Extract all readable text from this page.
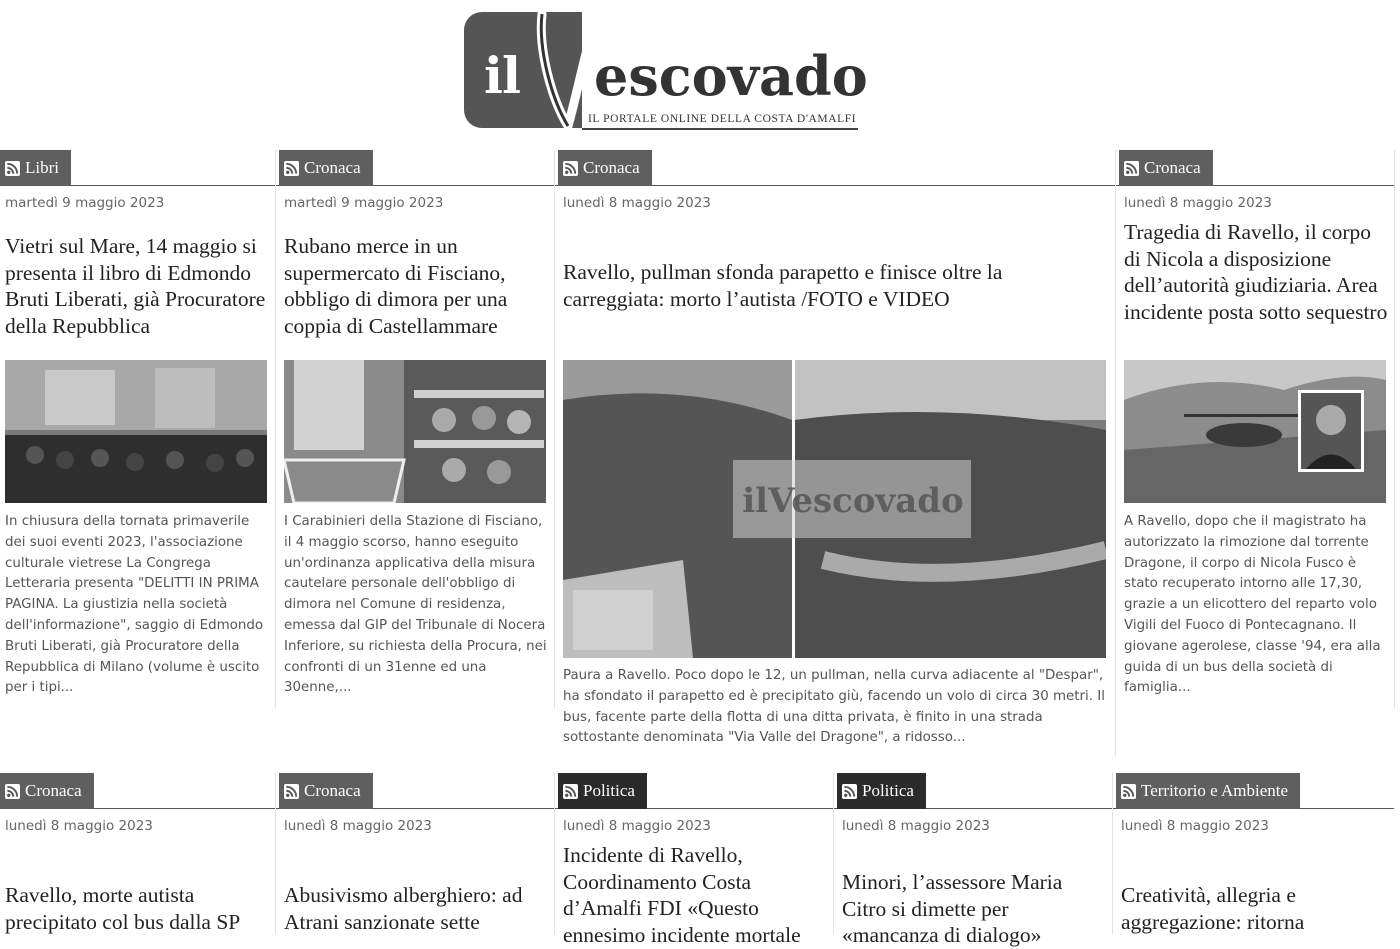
il escovado
IL PORTALE ONLINE DELLA COSTA D'AMALFI
Libri
martedì 9 maggio 2023
Vietri sul Mare, 14 maggio si presenta il libro di Edmondo Bruti Liberati, già Procuratore della Repubblica

In chiusura della tornata primaverile dei suoi eventi 2023, l'associazione culturale vietrese La Congrega Letteraria presenta "DELITTI IN PRIMA PAGINA. La giustizia nella società dell'informazione", saggio di Edmondo Bruti Liberati, già Procuratore della Repubblica di Milano (volume è uscito per i tipi...

Cronaca
martedì 9 maggio 2023
Rubano merce in un supermercato di Fisciano, obbligo di dimora per una coppia di Castellammare

I Carabinieri della Stazione di Fisciano, il 4 maggio scorso, hanno eseguito un'ordinanza applicativa della misura cautelare personale dell'obbligo di dimora nel Comune di residenza, emessa dal GIP del Tribunale di Nocera Inferiore, su richiesta della Procura, nei confronti di un 31enne ed una 30enne,...

Cronaca
lunedì 8 maggio 2023
Ravello, pullman sfonda parapetto e finisce oltre la carreggiata: morto l’autista /FOTO e VIDEO
ilVescovado

Paura a Ravello. Poco dopo le 12, un pullman, nella curva adiacente al "Despar", ha sfondato il parapetto ed è precipitato giù, facendo un volo di circa 30 metri. Il bus, facente parte della flotta di una ditta privata, è finito in una strada sottostante denominata "Via Valle del Dragone", a ridosso...

Cronaca
lunedì 8 maggio 2023
Tragedia di Ravello, il corpo di Nicola a disposizione dell’autorità giudiziaria. Area incidente posta sotto sequestro

A Ravello, dopo che il magistrato ha autorizzato la rimozione dal torrente Dragone, il corpo di Nicola Fusco è stato recuperato intorno alle 17,30, grazie a un elicottero del reparto volo Vigili del Fuoco di Pontecagnano. Il giovane agerolese, classe '94, era alla guida di un bus della società di famiglia...

Cronaca
lunedì 8 maggio 2023
Ravello, morte autista precipitato col bus dalla SP
Cronaca
lunedì 8 maggio 2023
Abusivismo alberghiero: ad Atrani sanzionate sette
Politica
lunedì 8 maggio 2023
Incidente di Ravello, Coordinamento Costa d’Amalfi FDI «Questo ennesimo incidente mortale
Politica
lunedì 8 maggio 2023
Minori, l’assessore Maria Citro si dimette per «mancanza di dialogo»
Territorio e Ambiente
lunedì 8 maggio 2023
Creatività, allegria e aggregazione: ritorna
